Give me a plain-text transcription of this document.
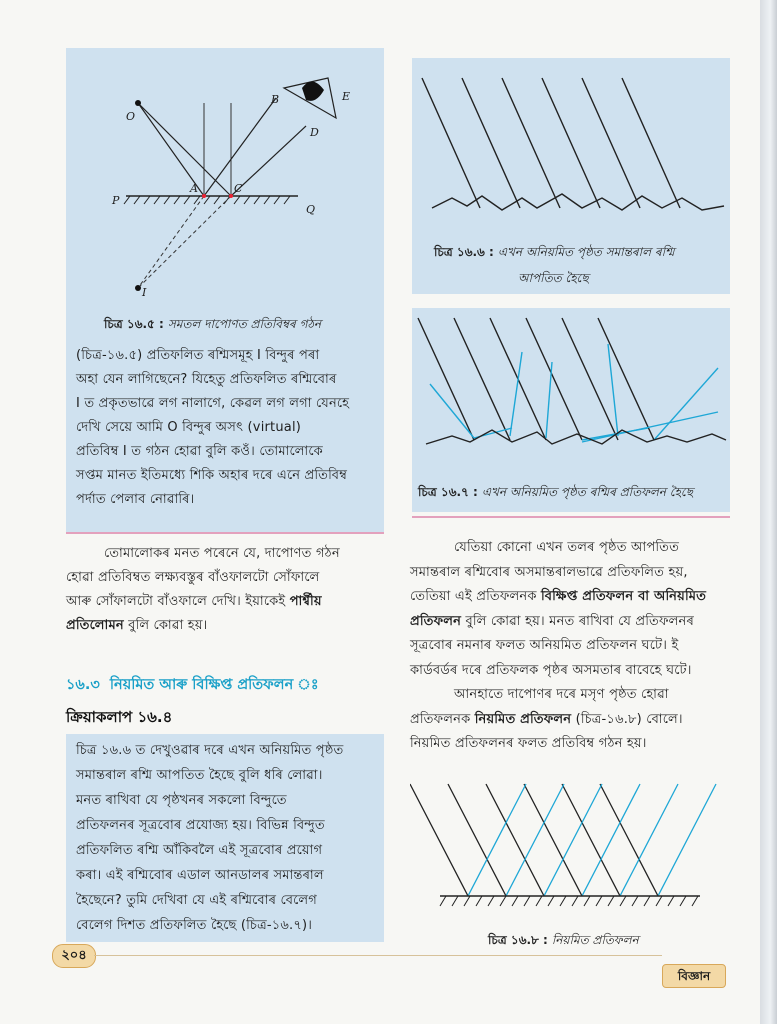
O
B
D
E
A	C
P
Q
I
চিত্ৰ ১৬.৫ : সমতল দাপোণত প্ৰতিবিম্বৰ গঠন
(চিত্ৰ-১৬.৫) প্ৰতিফলিত ৰশ্মিসমূহ I বিন্দুৰ পৰা
অহা যেন লাগিছেনে? যিহেতু প্ৰতিফলিত ৰশ্মিবোৰ
I ত প্ৰকৃতভাৱে লগ নালাগে, কেৱল লগ লগা যেনহে
দেখি সেয়ে আমি O বিন্দুৰ অসৎ (virtual)
প্ৰতিবিম্ব I ত গঠন হোৱা বুলি কওঁ। তোমালোকে
সপ্তম মানত ইতিমধ্যে শিকি অহাৰ দৰে এনে প্ৰতিবিম্ব
পৰ্দাত পেলাব নোৱাৰি।
তোমালোকৰ মনত পৰেনে যে, দাপোণত গঠন
হোৱা প্ৰতিবিম্বত লক্ষ্যবস্তুৰ বাঁওফালটো সোঁফালে
আৰু সোঁফালটো বাঁওফালে দেখি। ইয়াকেই পাৰ্শ্বীয়
প্ৰতিলোমন বুলি কোৱা হয়।
১৬.৩ নিয়মিত আৰু বিক্ষিপ্ত প্ৰতিফলন ঃ
ক্ৰিয়াকলাপ ১৬.৪
চিত্ৰ ১৬.৬ ত দেখুওৱাৰ দৰে এখন অনিয়মিত পৃষ্ঠত
সমান্তৰাল ৰশ্মি আপতিত হৈছে বুলি ধৰি লোৱা।
মনত ৰাখিবা যে পৃষ্ঠখনৰ সকলো বিন্দুতে
প্ৰতিফলনৰ সূত্ৰবোৰ প্ৰযোজ্য হয়। বিভিন্ন বিন্দুত
প্ৰতিফলিত ৰশ্মি আঁকিবলৈ এই সূত্ৰবোৰ প্ৰয়োগ
কৰা। এই ৰশ্মিবোৰ এডাল আনডালৰ সমান্তৰাল
হৈছেনে? তুমি দেখিবা যে এই ৰশ্মিবোৰ বেলেগ
বেলেগ দিশত প্ৰতিফলিত হৈছে (চিত্ৰ-১৬.৭)।
চিত্ৰ ১৬.৬ : এখন অনিয়মিত পৃষ্ঠত সমান্তৰাল ৰশ্মি
আপতিত হৈছে
চিত্ৰ ১৬.৭ : এখন অনিয়মিত পৃষ্ঠত ৰশ্মিৰ প্ৰতিফলন হৈছে
যেতিয়া কোনো এখন তলৰ পৃষ্ঠত আপতিত
সমান্তৰাল ৰশ্মিবোৰ অসমান্তৰালভাৱে প্ৰতিফলিত হয়,
তেতিয়া এই প্ৰতিফলনক বিক্ষিপ্ত প্ৰতিফলন বা অনিয়মিত
প্ৰতিফলন বুলি কোৱা হয়। মনত ৰাখিবা যে প্ৰতিফলনৰ
সূত্ৰবোৰ নমনাৰ ফলত অনিয়মিত প্ৰতিফলন ঘটে। ই
কাৰ্ডবৰ্ডৰ দৰে প্ৰতিফলক পৃষ্ঠৰ অসমতাৰ বাবেহে ঘটে।
আনহাতে দাপোণৰ দৰে মসৃণ পৃষ্ঠত হোৱা
প্ৰতিফলনক নিয়মিত প্ৰতিফলন (চিত্ৰ-১৬.৮) বোলে।
নিয়মিত প্ৰতিফলনৰ ফলত প্ৰতিবিম্ব গঠন হয়।
চিত্ৰ ১৬.৮ : নিয়মিত প্ৰতিফলন
২০৪
বিজ্ঞান
